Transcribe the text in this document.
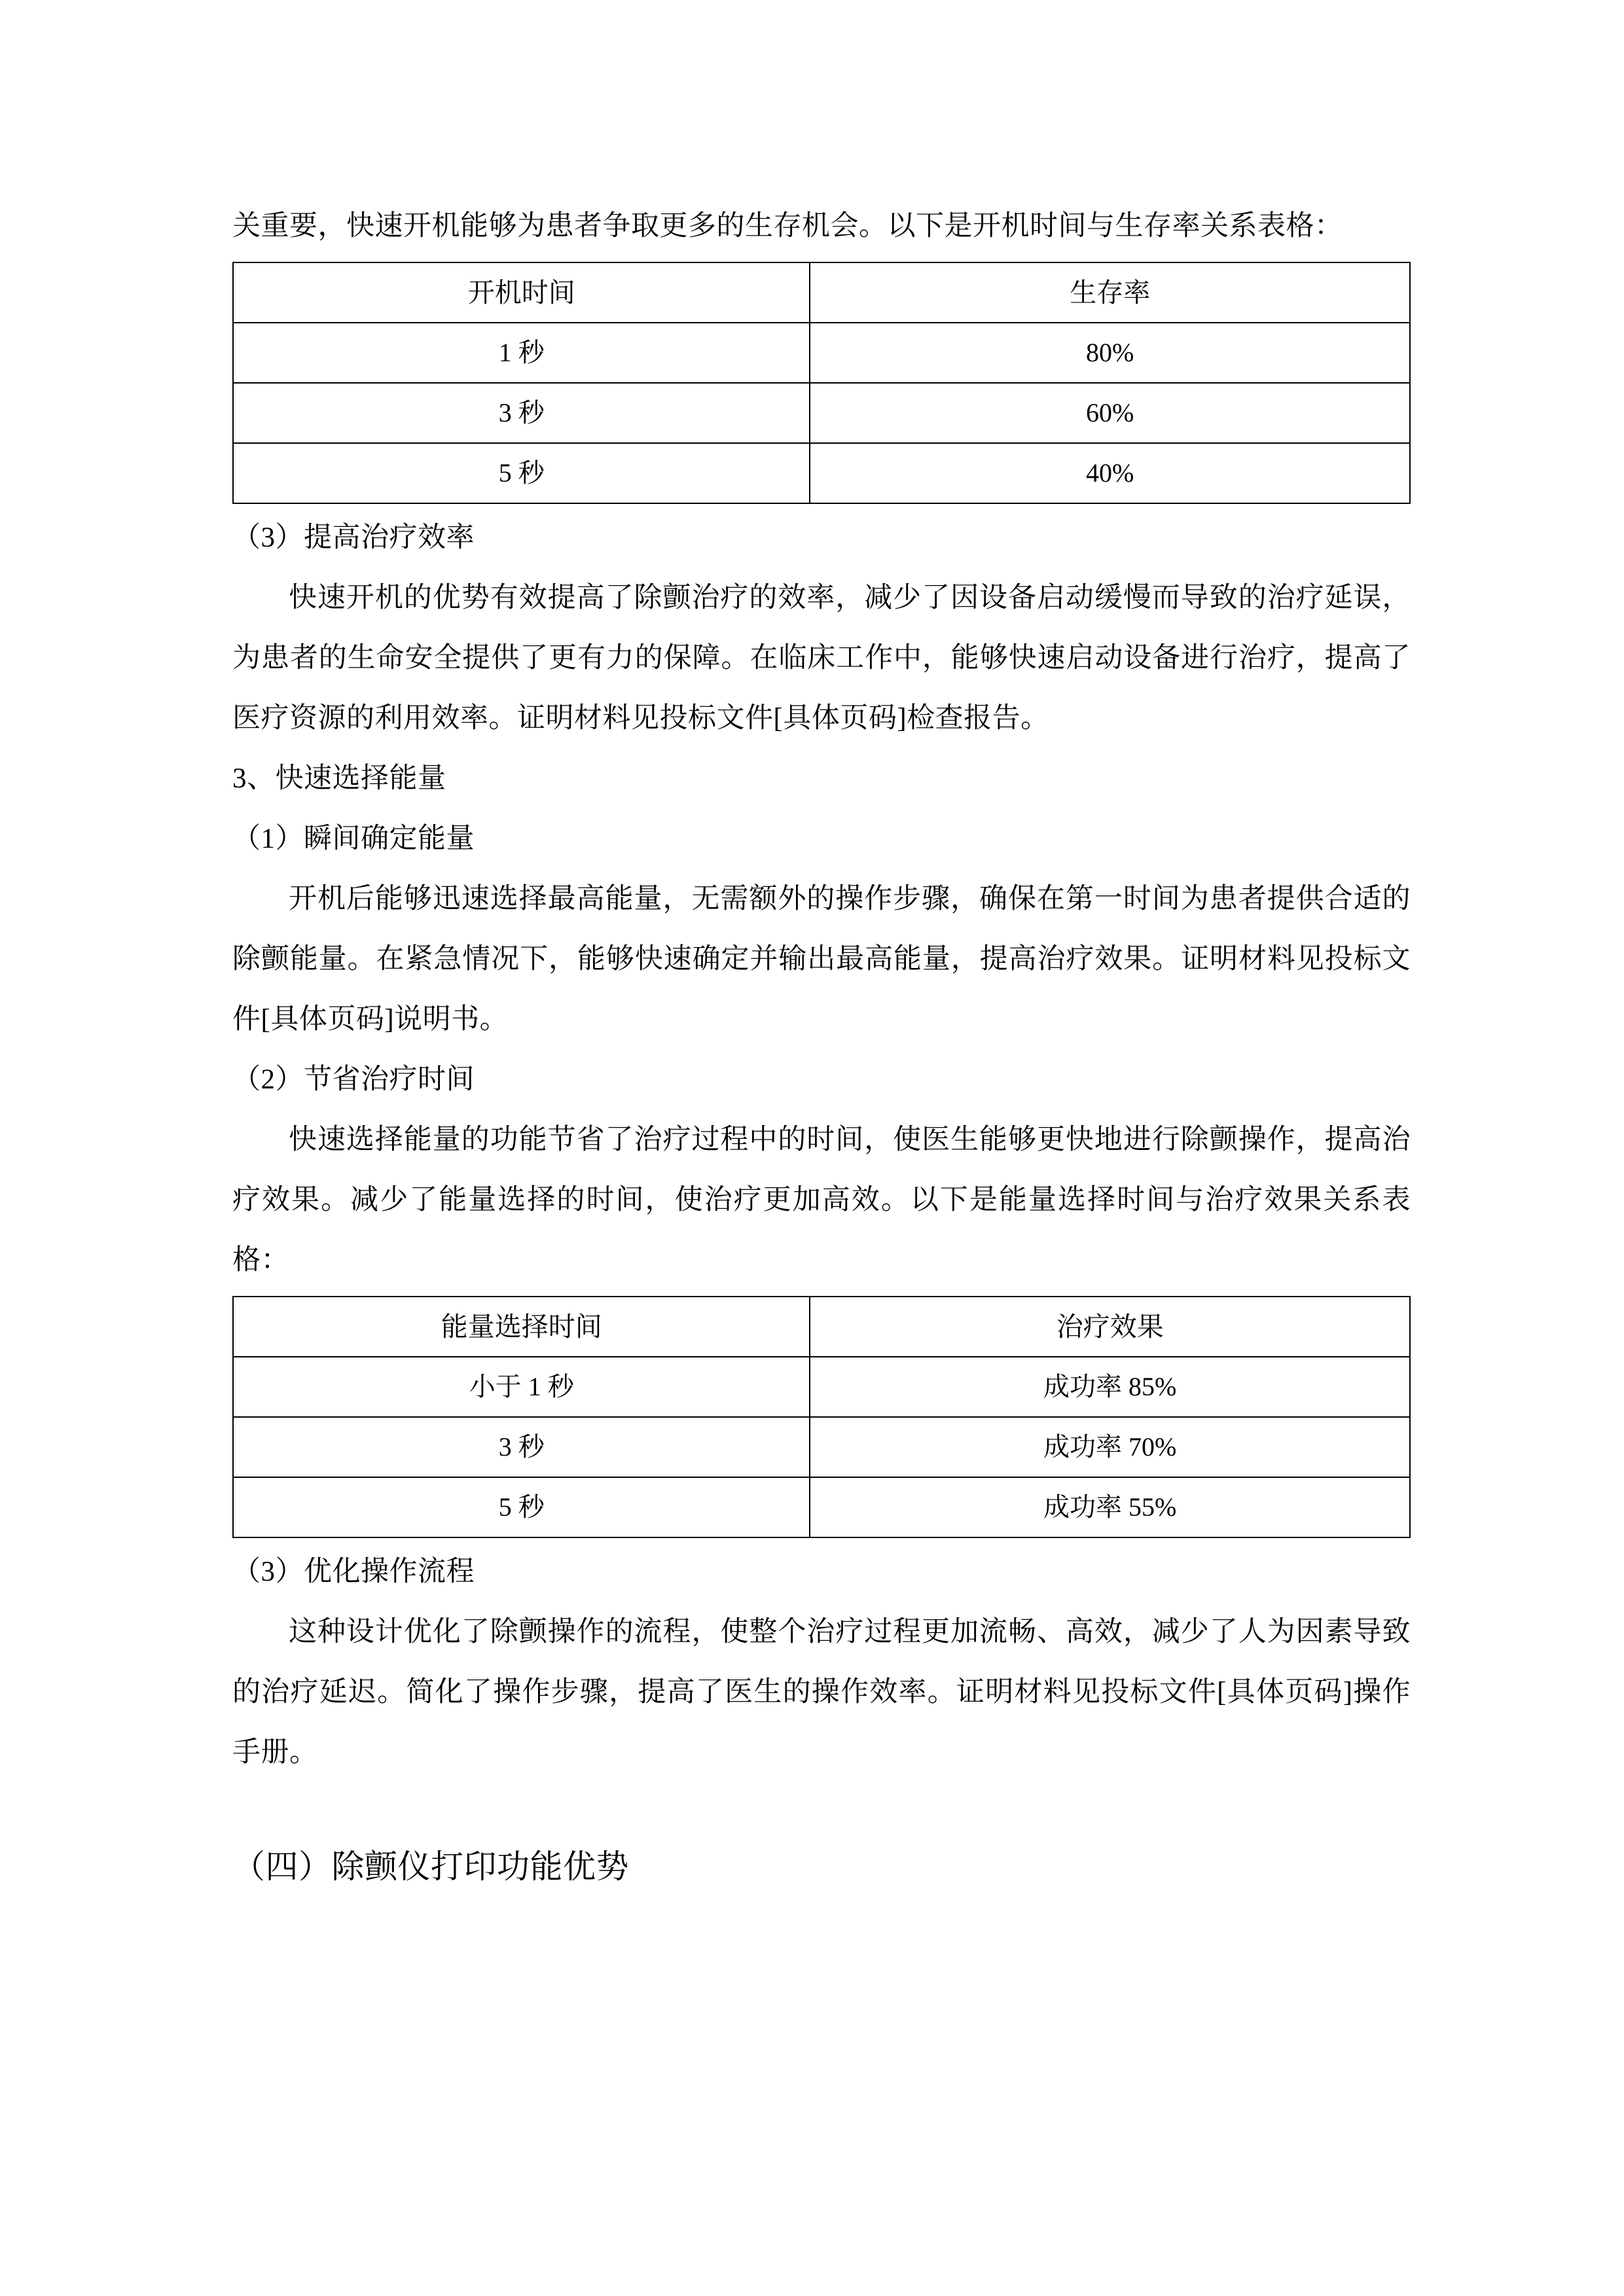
关重要，快速开机能够为患者争取更多的生存机会。以下是开机时间与生存率关系表格：

开机时间	生存率
1 秒	80%
3 秒	60%
5 秒	40%

（3）提高治疗效率

快速开机的优势有效提高了除颤治疗的效率，减少了因设备启动缓慢而导致的治疗延误，为患者的生命安全提供了更有力的保障。在临床工作中，能够快速启动设备进行治疗，提高了医疗资源的利用效率。证明材料见投标文件[具体页码]检查报告。

3、快速选择能量

（1）瞬间确定能量

开机后能够迅速选择最高能量，无需额外的操作步骤，确保在第一时间为患者提供合适的除颤能量。在紧急情况下，能够快速确定并输出最高能量，提高治疗效果。证明材料见投标文件[具体页码]说明书。

（2）节省治疗时间

快速选择能量的功能节省了治疗过程中的时间，使医生能够更快地进行除颤操作，提高治疗效果。减少了能量选择的时间，使治疗更加高效。以下是能量选择时间与治疗效果关系表格：

能量选择时间	治疗效果
小于 1 秒	成功率 85%
3 秒	成功率 70%
5 秒	成功率 55%

（3）优化操作流程

这种设计优化了除颤操作的流程，使整个治疗过程更加流畅、高效，减少了人为因素导致的治疗延迟。简化了操作步骤，提高了医生的操作效率。证明材料见投标文件[具体页码]操作手册。

（四）除颤仪打印功能优势
